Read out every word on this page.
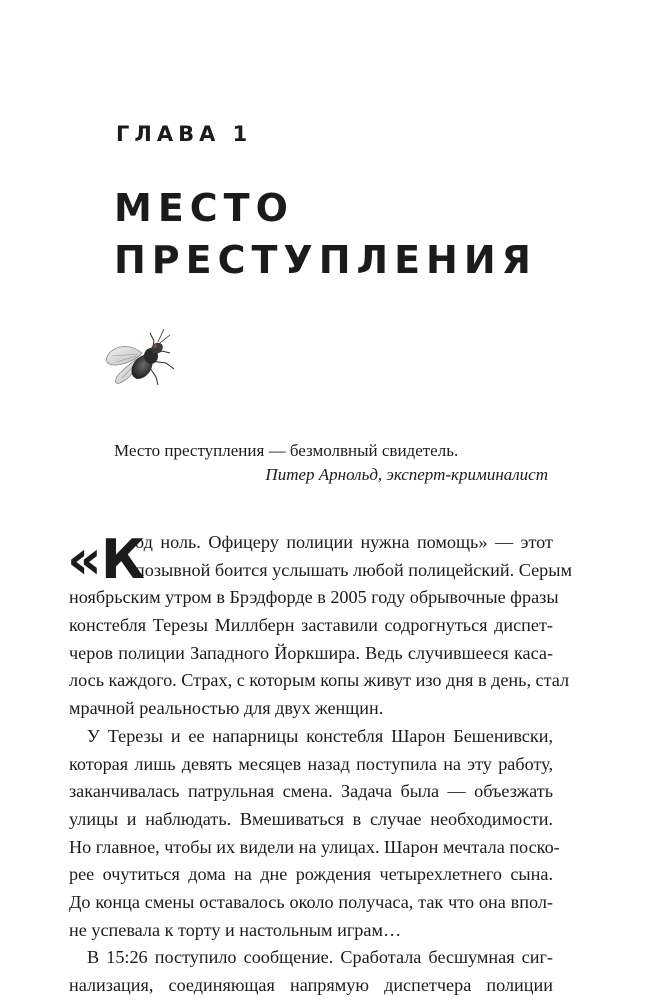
ГЛАВА 1
МЕСТО
ПРЕСТУПЛЕНИЯ
Место преступления — безмолвный свидетель.
Питер Арнольд, эксперт-криминалист
«К
од ноль. Офицеру полиции нужна помощь» — этот
позывной боится услышать любой полицейский. Серым
ноябрьским утром в Брэдфорде в 2005 году обрывочные фразы
констебля Терезы Миллберн заставили содрогнуться диспет-
черов полиции Западного Йоркшира. Ведь случившееся каса-
лось каждого. Страх, с которым копы живут изо дня в день, стал
мрачной реальностью для двух женщин.
У Терезы и ее напарницы констебля Шарон Бешенивски,
которая лишь девять месяцев назад поступила на эту работу,
заканчивалась патрульная смена. Задача была — объезжать
улицы и наблюдать. Вмешиваться в случае необходимости.
Но главное, чтобы их видели на улицах. Шарон мечтала поско-
рее очутиться дома на дне рождения четырехлетнего сына.
До конца смены оставалось около получаса, так что она впол-
не успевала к торту и настольным играм…
В 15:26 поступило сообщение. Сработала бесшумная сиг-
нализация, соединяющая напрямую диспетчера полиции
